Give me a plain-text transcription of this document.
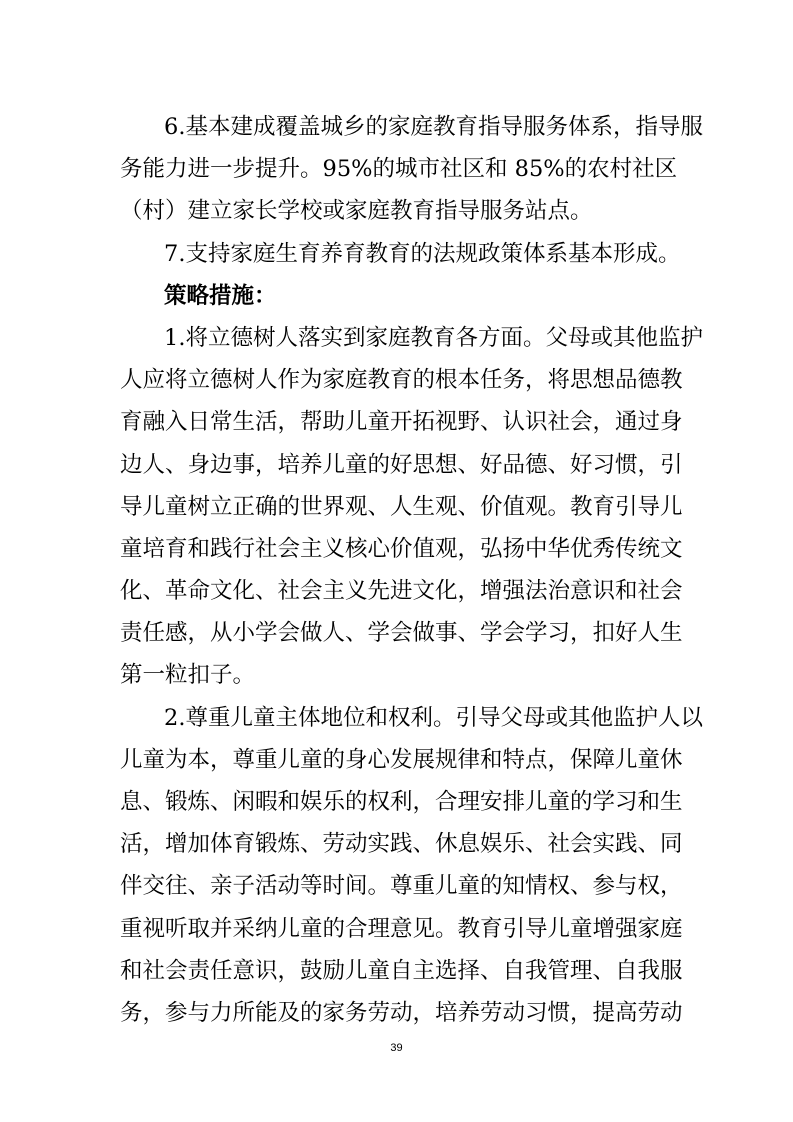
6.基本建成覆盖城乡的家庭教育指导服务体系，指导服
务能力进一步提升。95%的城市社区和 85%的农村社区
（村）建立家长学校或家庭教育指导服务站点。
7.支持家庭生育养育教育的法规政策体系基本形成。
策略措施：
1.将立德树人落实到家庭教育各方面。父母或其他监护
人应将立德树人作为家庭教育的根本任务，将思想品德教
育融入日常生活，帮助儿童开拓视野、认识社会，通过身
边人、身边事，培养儿童的好思想、好品德、好习惯，引
导儿童树立正确的世界观、人生观、价值观。教育引导儿
童培育和践行社会主义核心价值观，弘扬中华优秀传统文
化、革命文化、社会主义先进文化，增强法治意识和社会
责任感，从小学会做人、学会做事、学会学习，扣好人生
第一粒扣子。
2.尊重儿童主体地位和权利。引导父母或其他监护人以
儿童为本，尊重儿童的身心发展规律和特点，保障儿童休
息、锻炼、闲暇和娱乐的权利，合理安排儿童的学习和生
活，增加体育锻炼、劳动实践、休息娱乐、社会实践、同
伴交往、亲子活动等时间。尊重儿童的知情权、参与权，
重视听取并采纳儿童的合理意见。教育引导儿童增强家庭
和社会责任意识，鼓励儿童自主选择、自我管理、自我服
务，参与力所能及的家务劳动，培养劳动习惯，提高劳动
39
